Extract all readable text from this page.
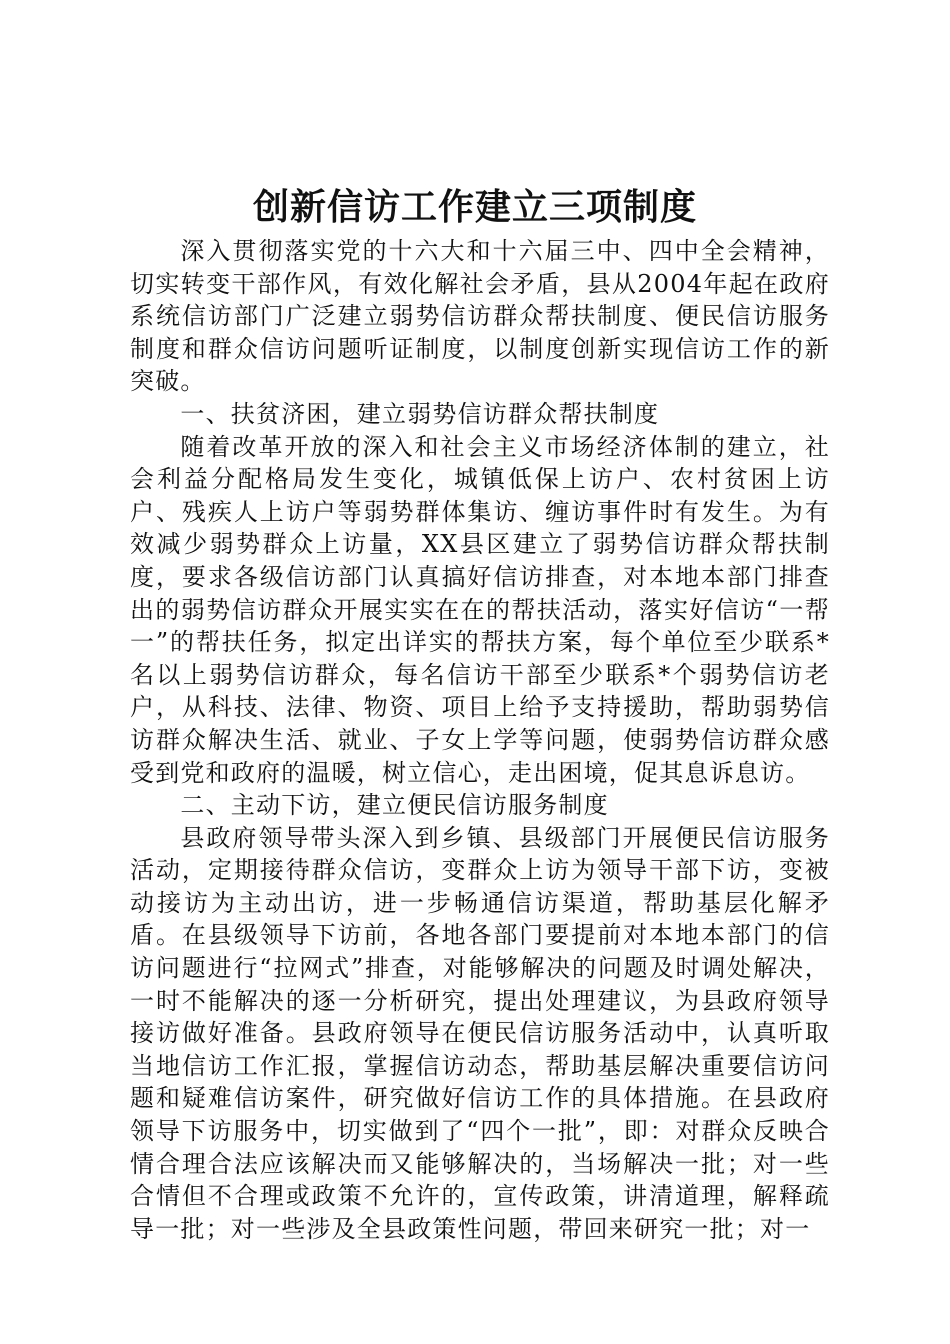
创新信访工作建立三项制度

深入贯彻落实党的十六大和十六届三中、四中全会精神，切实转变干部作风，有效化解社会矛盾，县从2004年起在政府系统信访部门广泛建立弱势信访群众帮扶制度、便民信访服务制度和群众信访问题听证制度，以制度创新实现信访工作的新突破。

一、扶贫济困，建立弱势信访群众帮扶制度

随着改革开放的深入和社会主义市场经济体制的建立，社会利益分配格局发生变化，城镇低保上访户、农村贫困上访户、残疾人上访户等弱势群体集访、缠访事件时有发生。为有效减少弱势群众上访量，XX县区建立了弱势信访群众帮扶制度，要求各级信访部门认真搞好信访排查，对本地本部门排查出的弱势信访群众开展实实在在的帮扶活动，落实好信访“一帮一”的帮扶任务，拟定出详实的帮扶方案，每个单位至少联系*名以上弱势信访群众，每名信访干部至少联系*个弱势信访老户，从科技、法律、物资、项目上给予支持援助，帮助弱势信访群众解决生活、就业、子女上学等问题，使弱势信访群众感受到党和政府的温暖，树立信心，走出困境，促其息诉息访。

二、主动下访，建立便民信访服务制度

县政府领导带头深入到乡镇、县级部门开展便民信访服务活动，定期接待群众信访，变群众上访为领导干部下访，变被动接访为主动出访，进一步畅通信访渠道，帮助基层化解矛盾。在县级领导下访前，各地各部门要提前对本地本部门的信访问题进行“拉网式”排查，对能够解决的问题及时调处解决，一时不能解决的逐一分析研究，提出处理建议，为县政府领导接访做好准备。县政府领导在便民信访服务活动中，认真听取当地信访工作汇报，掌握信访动态，帮助基层解决重要信访问题和疑难信访案件，研究做好信访工作的具体措施。在县政府领导下访服务中，切实做到了“四个一批”，即：对群众反映合情合理合法应该解决而又能够解决的，当场解决一批；对一些合情但不合理或政策不允许的，宣传政策，讲清道理，解释疏导一批；对一些涉及全县政策性问题，带回来研究一批；对一
